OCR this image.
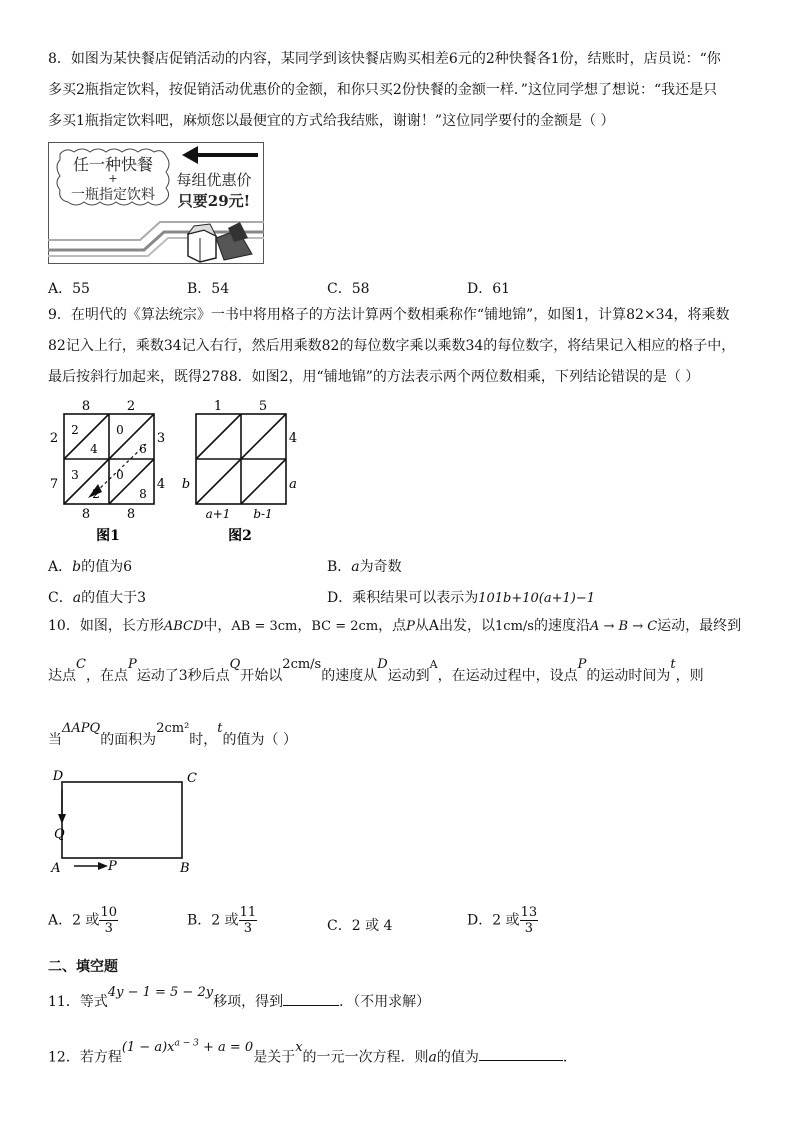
8．如图为某快餐店促销活动的内容，某同学到该快餐店购买相差6元的2种快餐各1份，结账时，店员说：“你
多买2瓶指定饮料，按促销活动优惠价的金额，和你只买2份快餐的金额一样．”这位同学想了想说：“我还是只
多买1瓶指定饮料吧，麻烦您以最便宜的方式给我结账，谢谢！”这位同学要付的金额是（ ）
任一种快餐
+
一瓶指定饮料
每组优惠价
只要29元!
A．55	B．54	C．58	D．61
9．在明代的《算法统宗》一书中将用格子的方法计算两个数相乘称作“铺地锦”，如图1，计算82×34，将乘数
82记入上行，乘数34记入右行，然后用乘数82的每位数字乘以乘数34的每位数字，将结果记入相应的格子中，
最后按斜行加起来，既得2788．如图2，用“铺地锦”的方法表示两个两位数相乘，下列结论错误的是（ ）
8	2
2
7
3
4
8	8
2
4
0
6
3
2
0
8
图1
1	5
b
4
a
a+1 b-1
图2
A．b的值为6	B．a为奇数
C．a的值大于3	D．乘积结果可以表示为101b+10(a+1)−1
10．如图，长方形ABCD中，AB = 3cm，BC = 2cm，点P从A出发，以1cm/s的速度沿A → B → C运动，最终到
达点C，在点P运动了3秒后点Q开始以2cm/s的速度从D运动到$^A$，在运动过程中，设点P的运动时间为t，则
当ΔAPQ的面积为2cm²时，t的值为（ ）
D	C
Q
A	P	B
A．2 或 $\frac{10}{3}$	B．2 或 $\frac{11}{3}$	C．2 或 4	D．2 或 $\frac{13}{3}$
二、填空题
11．等式4y − 1 = 5 − 2y移项，得到	．（不用求解）
12．若方程$(1 - a)x^{a - 3} + a = 0$是关于x的一元一次方程．则a的值为	．
